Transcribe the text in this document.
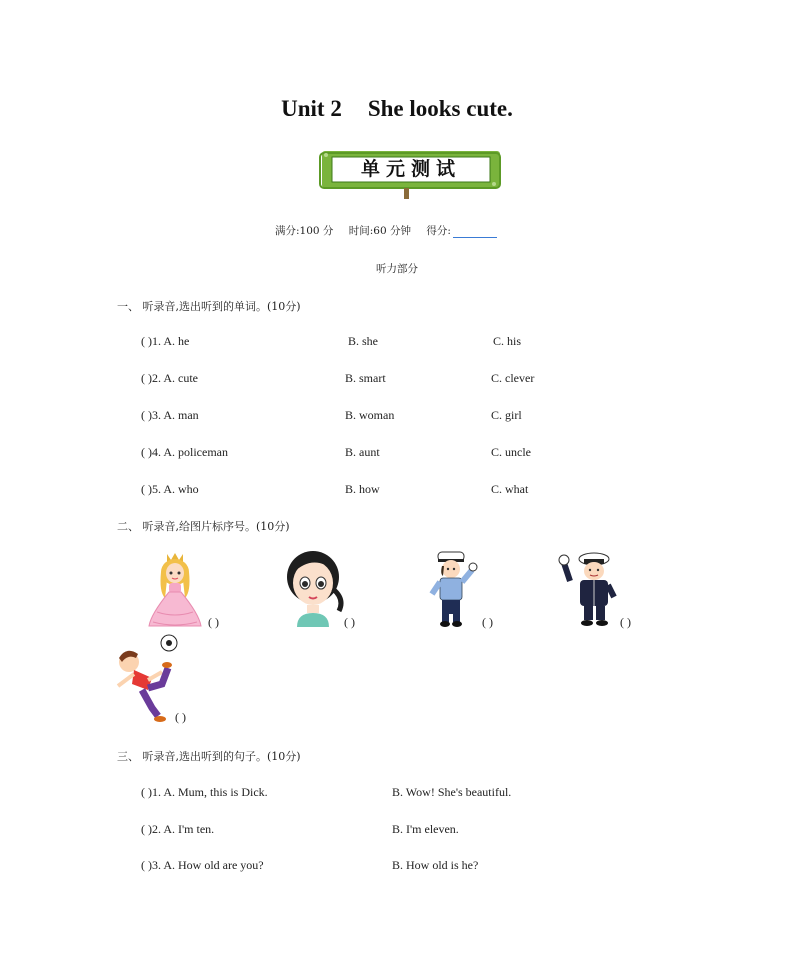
Unit 2 She looks cute.
单元测试
满分:100 分 时间:60 分钟 得分:
听力部分
一、 听录音,选出听到的单词。(10分)
( )1. A. he	B. she	C. his
( )2. A. cute	B. smart	C. clever
( )3. A. man	B. woman	C. girl
( )4. A. policeman	B. aunt	C. uncle
( )5. A. who	B. how	C. what
二、 听录音,给图片标序号。(10分)
( )	( )	( )	( )
( )
三、 听录音,选出听到的句子。(10分)
( )1. A. Mum, this is Dick.	B. Wow! She's beautiful.
( )2. A. I'm ten.	B. I'm eleven.
( )3. A. How old are you?	B. How old is he?
